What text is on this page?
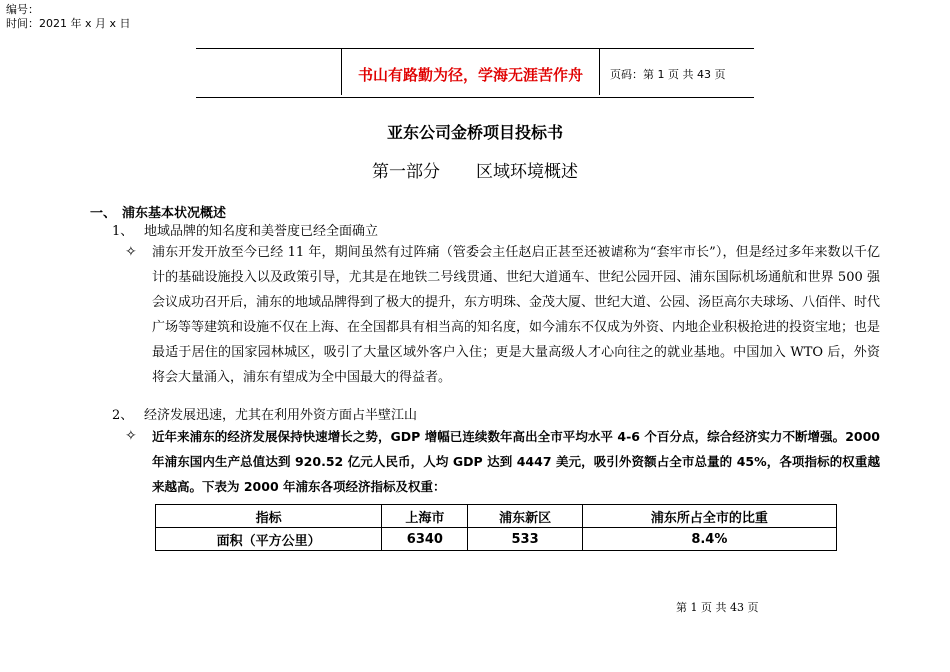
编号：
时间：2021 年 x 月 x 日
书山有路勤为径，学海无涯苦作舟	页码：第 1 页 共 43 页
亚东公司金桥项目投标书
第一部分 区域环境概述
一、 浦东基本状况概述
1、 地域品牌的知名度和美誉度已经全面确立
✧ 浦东开发开放至今已经 11 年，期间虽然有过阵痛（管委会主任赵启正甚至还被谑称为“套牢市长”），但是经过多年来数以千亿计的基础设施投入以及政策引导，尤其是在地铁二号线贯通、世纪大道通车、世纪公园开园、浦东国际机场通航和世界 500 强会议成功召开后，浦东的地域品牌得到了极大的提升，东方明珠、金茂大厦、世纪大道、公园、汤臣高尔夫球场、八佰伴、时代广场等等建筑和设施不仅在上海、在全国都具有相当高的知名度，如今浦东不仅成为外资、内地企业积极抢进的投资宝地；也是最适于居住的国家园林城区，吸引了大量区域外客户入住；更是大量高级人才心向往之的就业基地。中国加入 WTO 后，外资将会大量涌入，浦东有望成为全中国最大的得益者。
2、 经济发展迅速，尤其在利用外资方面占半壁江山
✧ 近年来浦东的经济发展保持快速增长之势，GDP 增幅已连续数年高出全市平均水平 4-6 个百分点，综合经济实力不断增强。2000 年浦东国内生产总值达到 920.52 亿元人民币，人均 GDP 达到 4447 美元，吸引外资额占全市总量的 45%，各项指标的权重越来越高。下表为 2000 年浦东各项经济指标及权重：
指标	上海市	浦东新区	浦东所占全市的比重
面积（平方公里）	6340	533	8.4%
第 1 页 共 43 页
